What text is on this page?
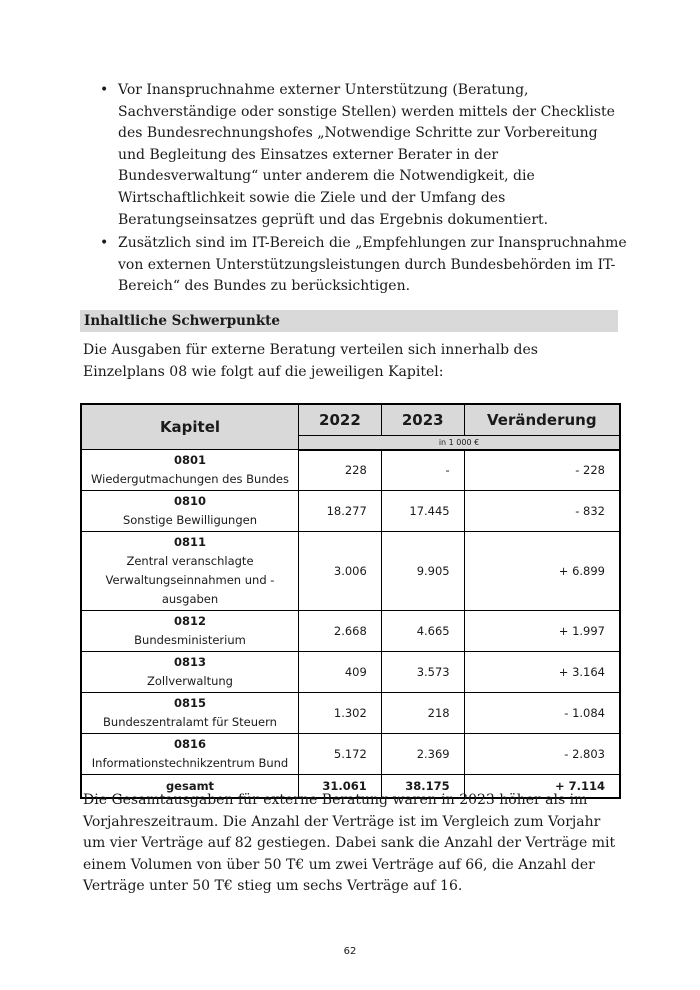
• Vor Inanspruchnahme externer Unterstützung (Beratung, Sachverständige oder sonstige Stellen) werden mittels der Checkliste des Bundesrechnungshofes „Notwendige Schritte zur Vorbereitung und Begleitung des Einsatzes externer Berater in der Bundesverwaltung“ unter anderem die Notwendigkeit, die Wirtschaftlichkeit sowie die Ziele und der Umfang des Beratungseinsatzes geprüft und das Ergebnis dokumentiert.
• Zusätzlich sind im IT-Bereich die „Empfehlungen zur Inanspruchnahme von externen Unterstützungsleistungen durch Bundesbehörden im IT-Bereich“ des Bundes zu berücksichtigen.
Inhaltliche Schwerpunkte

Die Ausgaben für externe Beratung verteilen sich innerhalb des Einzelplans 08 wie folgt auf die jeweiligen Kapitel:

Kapitel	2022	2023	Veränderung
	in 1 000 €		

0801
Wiedergutmachungen des Bundes	228	-	- 228

0810
Sonstige Bewilligungen	18.277	17.445	- 832

0811
Zentral veranschlagte Verwaltungseinnahmen und -ausgaben	3.006	9.905	+ 6.899

0812
Bundesministerium	2.668	4.665	+ 1.997

0813
Zollverwaltung	409	3.573	+ 3.164

0815
Bundeszentralamt für Steuern	1.302	218	- 1.084

0816
Informationstechnikzentrum Bund	5.172	2.369	- 2.803
gesamt	31.061	38.175	+ 7.114

Die Gesamtausgaben für externe Beratung waren in 2023 höher als im Vorjahreszeitraum. Die Anzahl der Verträge ist im Vergleich zum Vorjahr um vier Verträge auf 82 gestiegen. Dabei sank die Anzahl der Verträge mit einem Volumen von über 50 T€ um zwei Verträge auf 66, die Anzahl der Verträge unter 50 T€ stieg um sechs Verträge auf 16.

62
